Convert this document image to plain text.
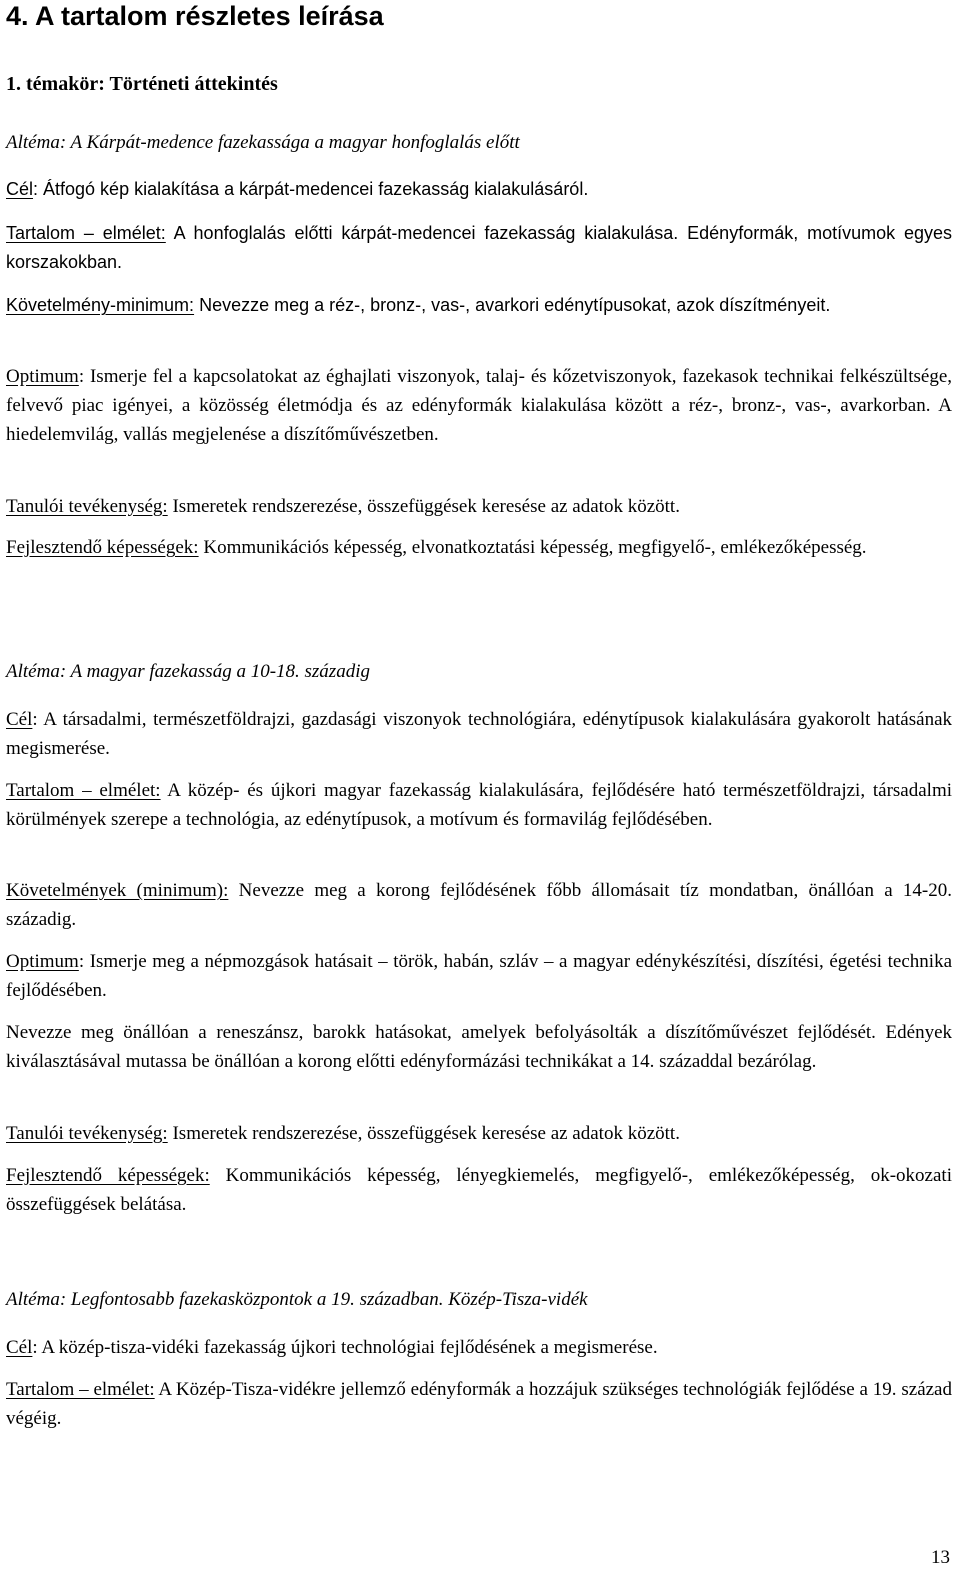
4. A tartalom részletes leírása
1. témakör: Történeti áttekintés

Altéma: A Kárpát-medence fazekassága a magyar honfoglalás előtt

Cél: Átfogó kép kialakítása a kárpát-medencei fazekasság kialakulásáról.

Tartalom – elmélet: A honfoglalás előtti kárpát-medencei fazekasság kialakulása. Edényformák, motívumok egyes korszakokban.

Követelmény-minimum: Nevezze meg a réz-, bronz-, vas-, avarkori edénytípusokat, azok díszítményeit.

Optimum: Ismerje fel a kapcsolatokat az éghajlati viszonyok, talaj- és kőzetviszonyok, fazekasok technikai felkészültsége, felvevő piac igényei, a közösség életmódja és az edényformák kialakulása között a réz-, bronz-, vas-, avarkorban. A hiedelemvilág, vallás megjelenése a díszítőművészetben.

Tanulói tevékenység: Ismeretek rendszerezése, összefüggések keresése az adatok között.

Fejlesztendő képességek: Kommunikációs képesség, elvonatkoztatási képesség, megfigyelő-, emlékezőképesség.

Altéma: A magyar fazekasság a 10-18. századig

Cél: A társadalmi, természetföldrajzi, gazdasági viszonyok technológiára, edénytípusok kialakulására gyakorolt hatásának megismerése.

Tartalom – elmélet: A közép- és újkori magyar fazekasság kialakulására, fejlődésére ható természetföldrajzi, társadalmi körülmények szerepe a technológia, az edénytípusok, a motívum és formavilág fejlődésében.

Követelmények (minimum): Nevezze meg a korong fejlődésének főbb állomásait tíz mondatban, önállóan a 14-20. századig.

Optimum: Ismerje meg a népmozgások hatásait – török, habán, szláv – a magyar edénykészítési, díszítési, égetési technika fejlődésében.

Nevezze meg önállóan a reneszánsz, barokk hatásokat, amelyek befolyásolták a díszítőművészet fejlődését. Edények kiválasztásával mutassa be önállóan a korong előtti edényformázási technikákat a 14. századdal bezárólag.

Tanulói tevékenység: Ismeretek rendszerezése, összefüggések keresése az adatok között.

Fejlesztendő képességek: Kommunikációs képesség, lényegkiemelés, megfigyelő-, emlékezőképesség, ok-okozati összefüggések belátása.

Altéma: Legfontosabb fazekasközpontok a 19. században. Közép-Tisza-vidék

Cél: A közép-tisza-vidéki fazekasság újkori technológiai fejlődésének a megismerése.

Tartalom – elmélet: A Közép-Tisza-vidékre jellemző edényformák a hozzájuk szükséges technológiák fejlődése a 19. század végéig.

13
